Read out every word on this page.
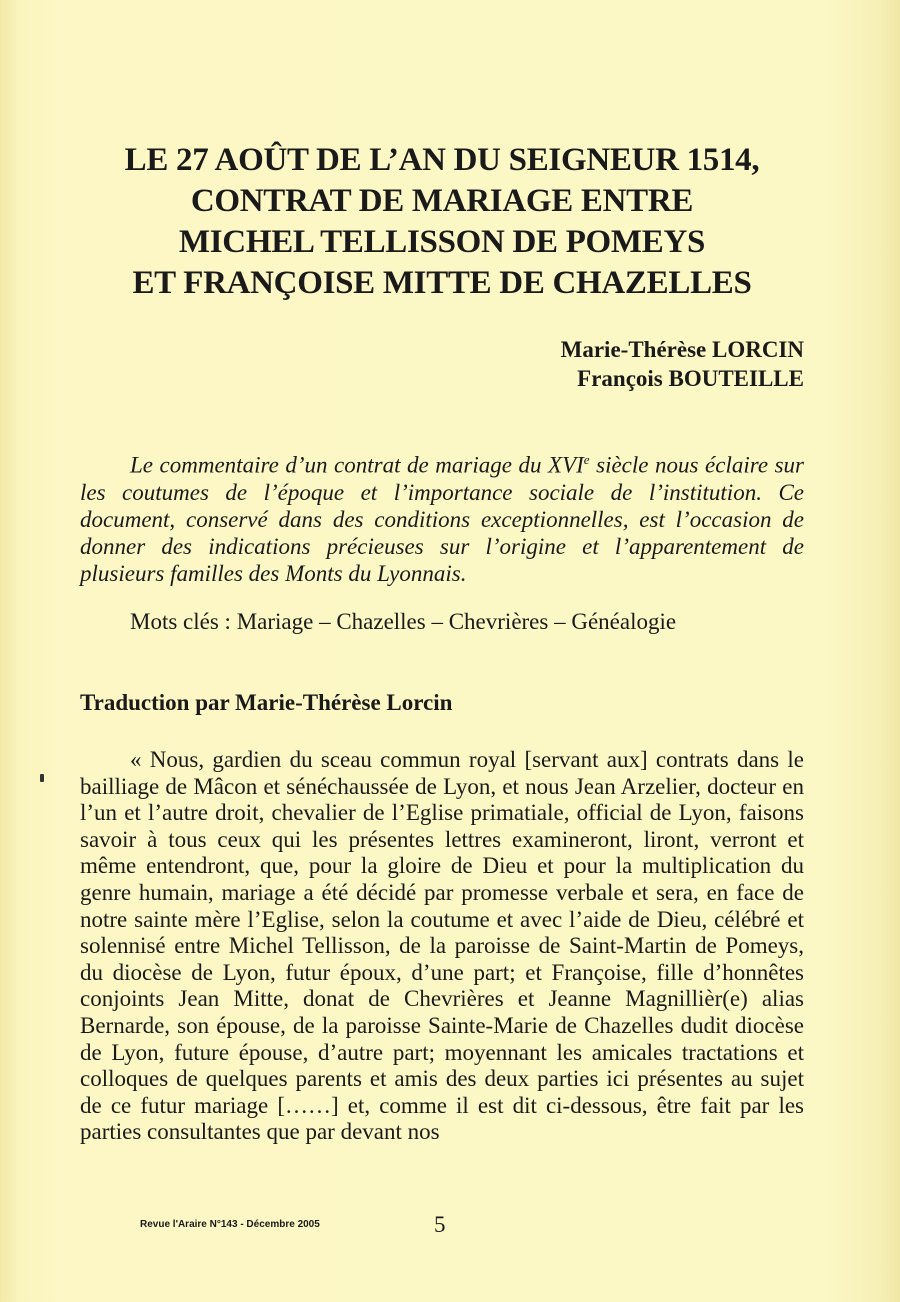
LE 27 AOÛT DE L’AN DU SEIGNEUR 1514,
CONTRAT DE MARIAGE ENTRE
MICHEL TELLISSON DE POMEYS
ET FRANÇOISE MITTE DE CHAZELLES
Marie-Thérèse LORCIN
François BOUTEILLE

Le commentaire d’un contrat de mariage du XVIe siècle nous éclaire sur les coutumes de l’époque et l’importance sociale de l’institution. Ce document, conservé dans des conditions exceptionnelles, est l’occasion de donner des indications précieuses sur l’origine et l’apparentement de plusieurs familles des Monts du Lyonnais.

Mots clés : Mariage – Chazelles – Chevrières – Généalogie

Traduction par Marie-Thérèse Lorcin

« Nous, gardien du sceau commun royal [servant aux] contrats dans le bailliage de Mâcon et sénéchaussée de Lyon, et nous Jean Arzelier, docteur en l’un et l’autre droit, chevalier de l’Eglise primatiale, official de Lyon, faisons savoir à tous ceux qui les présentes lettres examineront, liront, verront et même entendront, que, pour la gloire de Dieu et pour la multiplication du genre humain, mariage a été décidé par promesse verbale et sera, en face de notre sainte mère l’Eglise, selon la coutume et avec l’aide de Dieu, célébré et solennisé entre Michel Tellisson, de la paroisse de Saint-Martin de Pomeys, du diocèse de Lyon, futur époux, d’une part; et Françoise, fille d’honnêtes conjoints Jean Mitte, donat de Chevrières et Jeanne Magnillièr(e) alias Bernarde, son épouse, de la paroisse Sainte-Marie de Chazelles dudit diocèse de Lyon, future épouse, d’autre part; moyennant les amicales tractations et colloques de quelques parents et amis des deux parties ici présentes au sujet de ce futur mariage [……] et, comme il est dit ci-dessous, être fait par les parties consultantes que par devant nos

Revue l'Araire N°143 - Décembre 2005	5
